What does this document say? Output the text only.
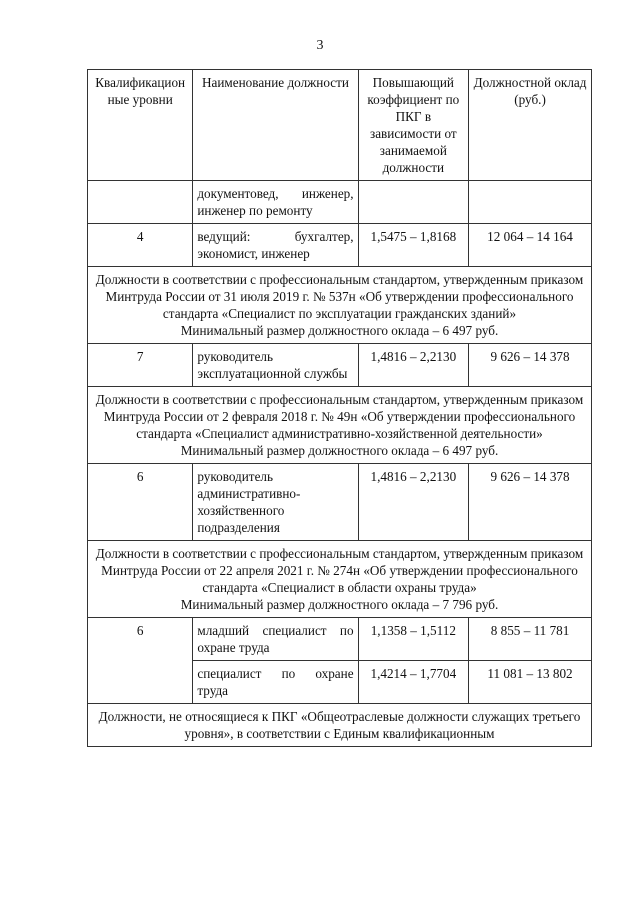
3
Квалификацион ные уровни	Наименование должности	Повышающий коэффициент по ПКГ в зависимости от занимаемой должности	Должностной оклад (руб.)
	документовед, инженер, инженер по ремонту		
4	ведущий: бухгалтер, экономист, инженер	1,5475 – 1,8168	12 064 – 14 164
Должности в соответствии с профессиональным стандартом, утвержденным приказом Минтруда России от 31 июля 2019 г. № 537н «Об утверждении профессионального стандарта «Специалист по эксплуатации гражданских зданий»
Минимальный размер должностного оклада – 6 497 руб.			

7	руководитель эксплуатационной службы	1,4816 – 2,2130	9 626 – 14 378
Должности в соответствии с профессиональным стандартом, утвержденным приказом Минтруда России от 2 февраля 2018 г. № 49н «Об утверждении профессионального стандарта «Специалист административно-хозяйственной деятельности»
Минимальный размер должностного оклада – 6 497 руб.			

6	руководитель административно-хозяйственного подразделения	1,4816 – 2,2130	9 626 – 14 378
Должности в соответствии с профессиональным стандартом, утвержденным приказом Минтруда России от 22 апреля 2021 г. № 274н «Об утверждении профессионального стандарта «Специалист в области охраны труда»
Минимальный размер должностного оклада – 7 796 руб.			

6	младший специалист по охране труда	1,1358 – 1,5112	8 855 – 11 781
	специалист по охране труда	1,4214 – 1,7704	11 081 – 13 802
Должности, не относящиеся к ПКГ «Общеотраслевые должности служащих третьего уровня», в соответствии с Единым квалификационным			
